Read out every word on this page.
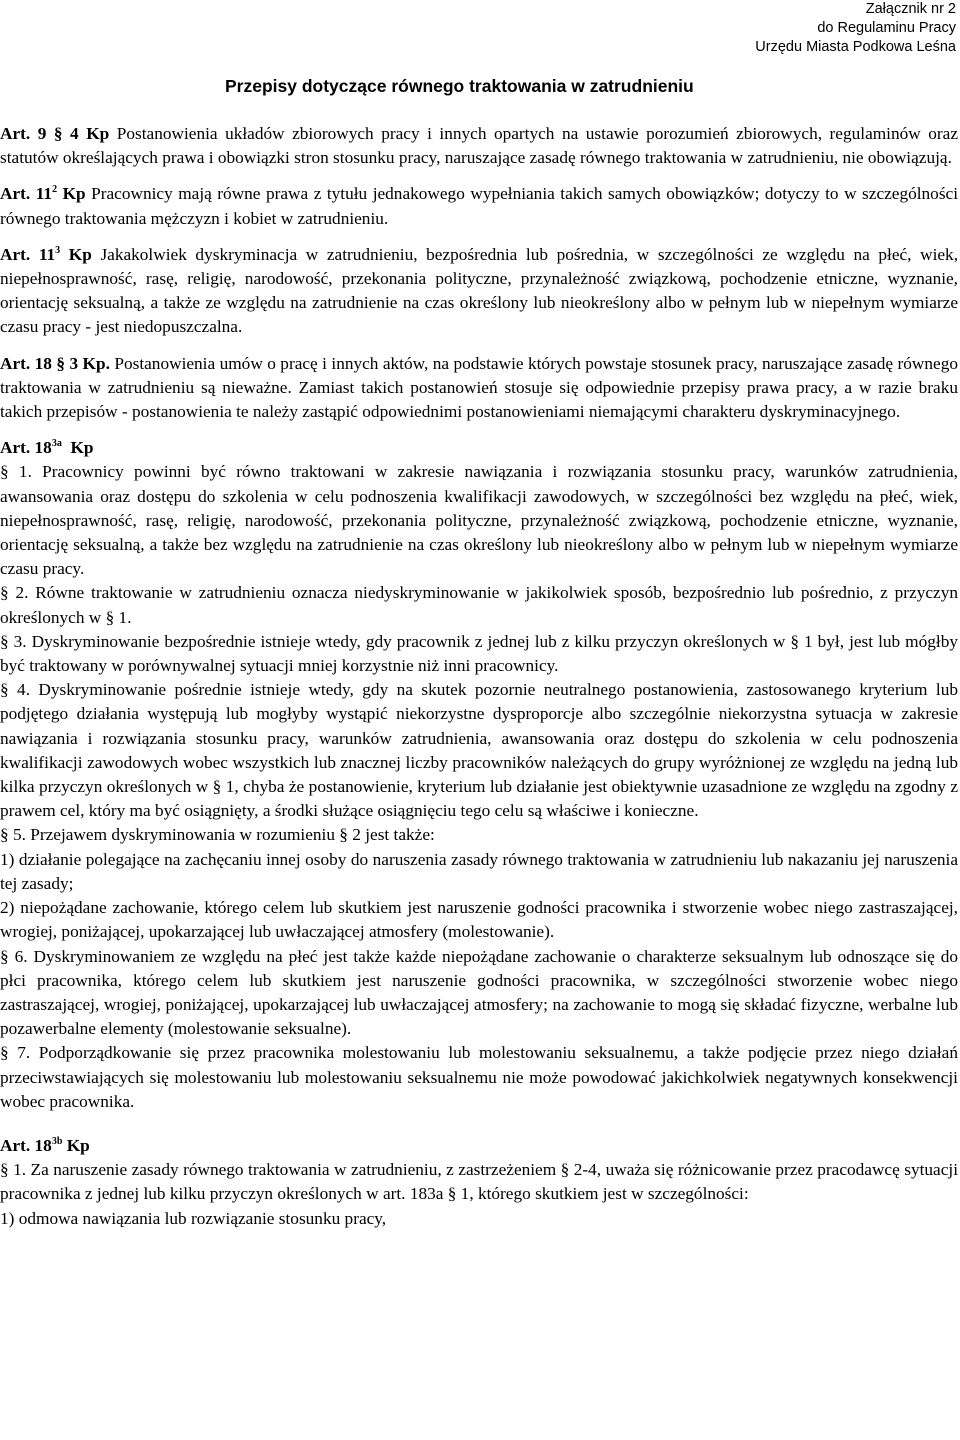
Załącznik nr 2
do Regulaminu Pracy
Urzędu Miasta Podkowa Leśna
Przepisy dotyczące równego traktowania w zatrudnieniu

Art. 9 § 4 Kp Postanowienia układów zbiorowych pracy i innych opartych na ustawie porozumień zbiorowych, regulaminów oraz statutów określających prawa i obowiązki stron stosunku pracy, naruszające zasadę równego traktowania w zatrudnieniu, nie obowiązują.

Art. $11^2$ Kp Pracownicy mają równe prawa z tytułu jednakowego wypełniania takich samych obowiązków; dotyczy to w szczególności równego traktowania mężczyzn i kobiet w zatrudnieniu.

Art. $11^3$ Kp Jakakolwiek dyskryminacja w zatrudnieniu, bezpośrednia lub pośrednia, w szczególności ze względu na płeć, wiek, niepełnosprawność, rasę, religię, narodowość, przekonania polityczne, przynależność związkową, pochodzenie etniczne, wyznanie, orientację seksualną, a także ze względu na zatrudnienie na czas określony lub nieokreślony albo w pełnym lub w niepełnym wymiarze czasu pracy - jest niedopuszczalna.

Art. 18 § 3 Kp. Postanowienia umów o pracę i innych aktów, na podstawie których powstaje stosunek pracy, naruszające zasadę równego traktowania w zatrudnieniu są nieważne. Zamiast takich postanowień stosuje się odpowiednie przepisy prawa pracy, a w razie braku takich przepisów - postanowienia te należy zastąpić odpowiednimi postanowieniami niemającymi charakteru dyskryminacyjnego.

Art. $18^{3a}$  Kp

§ 1. Pracownicy powinni być równo traktowani w zakresie nawiązania i rozwiązania stosunku pracy, warunków zatrudnienia, awansowania oraz dostępu do szkolenia w celu podnoszenia kwalifikacji zawodowych, w szczególności bez względu na płeć, wiek, niepełnosprawność, rasę, religię, narodowość, przekonania polityczne, przynależność związkową, pochodzenie etniczne, wyznanie, orientację seksualną, a także bez względu na zatrudnienie na czas określony lub nieokreślony albo w pełnym lub w niepełnym wymiarze czasu pracy.

§ 2. Równe traktowanie w zatrudnieniu oznacza niedyskryminowanie w jakikolwiek sposób, bezpośrednio lub pośrednio, z przyczyn określonych w § 1.

§ 3. Dyskryminowanie bezpośrednie istnieje wtedy, gdy pracownik z jednej lub z kilku przyczyn określonych w § 1 był, jest lub mógłby być traktowany w porównywalnej sytuacji mniej korzystnie niż inni pracownicy.

§ 4. Dyskryminowanie pośrednie istnieje wtedy, gdy na skutek pozornie neutralnego postanowienia, zastosowanego kryterium lub podjętego działania występują lub mogłyby wystąpić niekorzystne dysproporcje albo szczególnie niekorzystna sytuacja w zakresie nawiązania i rozwiązania stosunku pracy, warunków zatrudnienia, awansowania oraz dostępu do szkolenia w celu podnoszenia kwalifikacji zawodowych wobec wszystkich lub znacznej liczby pracowników należących do grupy wyróżnionej ze względu na jedną lub kilka przyczyn określonych w § 1, chyba że postanowienie, kryterium lub działanie jest obiektywnie uzasadnione ze względu na zgodny z prawem cel, który ma być osiągnięty, a środki służące osiągnięciu tego celu są właściwe i konieczne.

§ 5. Przejawem dyskryminowania w rozumieniu § 2 jest także:

1) działanie polegające na zachęcaniu innej osoby do naruszenia zasady równego traktowania w zatrudnieniu lub nakazaniu jej naruszenia tej zasady;

2) niepożądane zachowanie, którego celem lub skutkiem jest naruszenie godności pracownika i stworzenie wobec niego zastraszającej, wrogiej, poniżającej, upokarzającej lub uwłaczającej atmosfery (molestowanie).

§ 6. Dyskryminowaniem ze względu na płeć jest także każde niepożądane zachowanie o charakterze seksualnym lub odnoszące się do płci pracownika, którego celem lub skutkiem jest naruszenie godności pracownika, w szczególności stworzenie wobec niego zastraszającej, wrogiej, poniżającej, upokarzającej lub uwłaczającej atmosfery; na zachowanie to mogą się składać fizyczne, werbalne lub pozawerbalne elementy (molestowanie seksualne).

§ 7. Podporządkowanie się przez pracownika molestowaniu lub molestowaniu seksualnemu, a także podjęcie przez niego działań przeciwstawiających się molestowaniu lub molestowaniu seksualnemu nie może powodować jakichkolwiek negatywnych konsekwencji wobec pracownika.

Art. $18^{3b}$ Kp

§ 1. Za naruszenie zasady równego traktowania w zatrudnieniu, z zastrzeżeniem § 2-4, uważa się różnicowanie przez pracodawcę sytuacji pracownika z jednej lub kilku przyczyn określonych w art. 183a § 1, którego skutkiem jest w szczególności:

1) odmowa nawiązania lub rozwiązanie stosunku pracy,
